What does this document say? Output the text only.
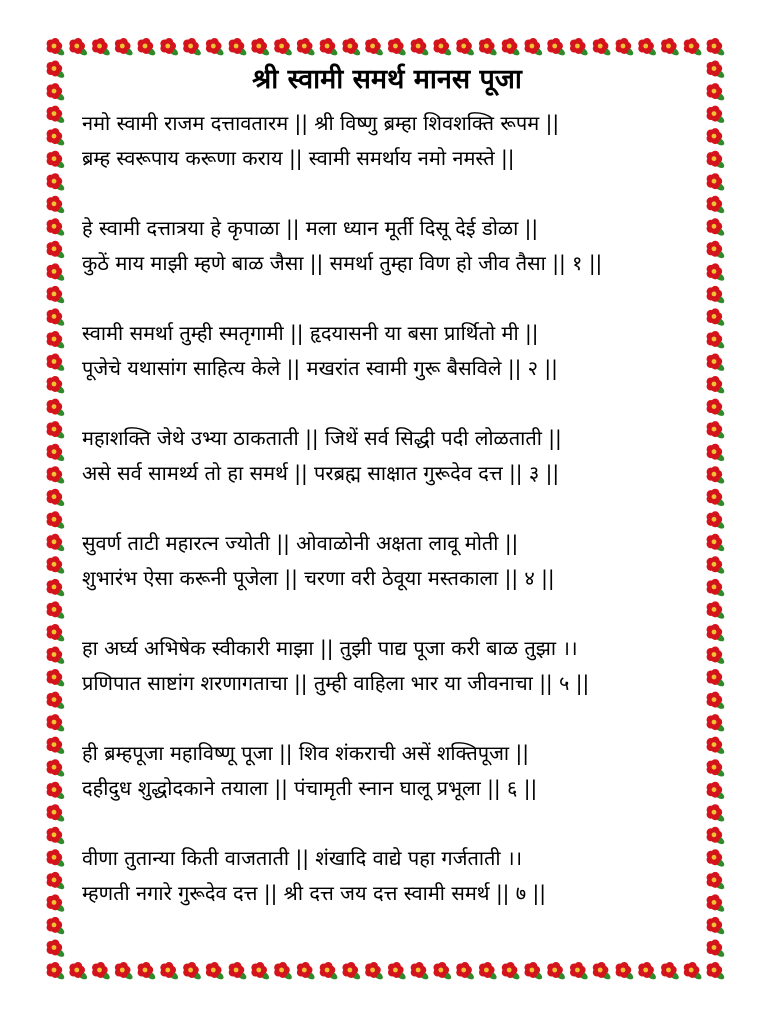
श्री स्वामी समर्थ मानस पूजा

नमो स्वामी राजम दत्तावतारम || श्री विष्णु ब्रम्हा शिवशक्ति रूपम ||

ब्रम्ह स्वरूपाय करूणा कराय || स्वामी समर्थाय नमो नमस्ते ||

हे स्वामी दत्तात्रया हे कृपाळा || मला ध्यान मूर्ती दिसू देई डोळा ||

कुठें माय माझी म्हणे बाळ जैसा || समर्था तुम्हा विण हो जीव तैसा || १ ||

स्वामी समर्था तुम्ही स्मतृगामी || हृदयासनी या बसा प्रार्थितो मी ||

पूजेचे यथासांग साहित्य केले || मखरांत स्वामी गुरू बैसविले || २ ||

महाशक्ति जेथे उभ्या ठाकताती || जिथें सर्व सिद्धी पदी लोळताती ||

असे सर्व सामर्थ्य तो हा समर्थ || परब्रह्म साक्षात गुरूदेव दत्त || ३ ||

सुवर्ण ताटी महारत्न ज्योती || ओवाळोनी अक्षता लावू मोती ||

शुभारंभ ऐसा करूनी पूजेला || चरणा वरी ठेवूया मस्तकाला || ४ ||

हा अर्घ्य अभिषेक स्वीकारी माझा || तुझी पाद्य पूजा करी बाळ तुझा ।।

प्रणिपात साष्टांग शरणागताचा || तुम्ही वाहिला भार या जीवनाचा || ५ ||

ही ब्रम्हपूजा महाविष्णू पूजा || शिव शंकराची असें शक्तिपूजा ||

दहीदुध शुद्धोदकाने तयाला || पंचामृती स्नान घालू प्रभूला || ६ ||

वीणा तुतान्या किती वाजताती || शंखादि वाद्ये पहा गर्जताती ।।

म्हणती नगारे गुरूदेव दत्त || श्री दत्त जय दत्त स्वामी समर्थ || ७ ||
